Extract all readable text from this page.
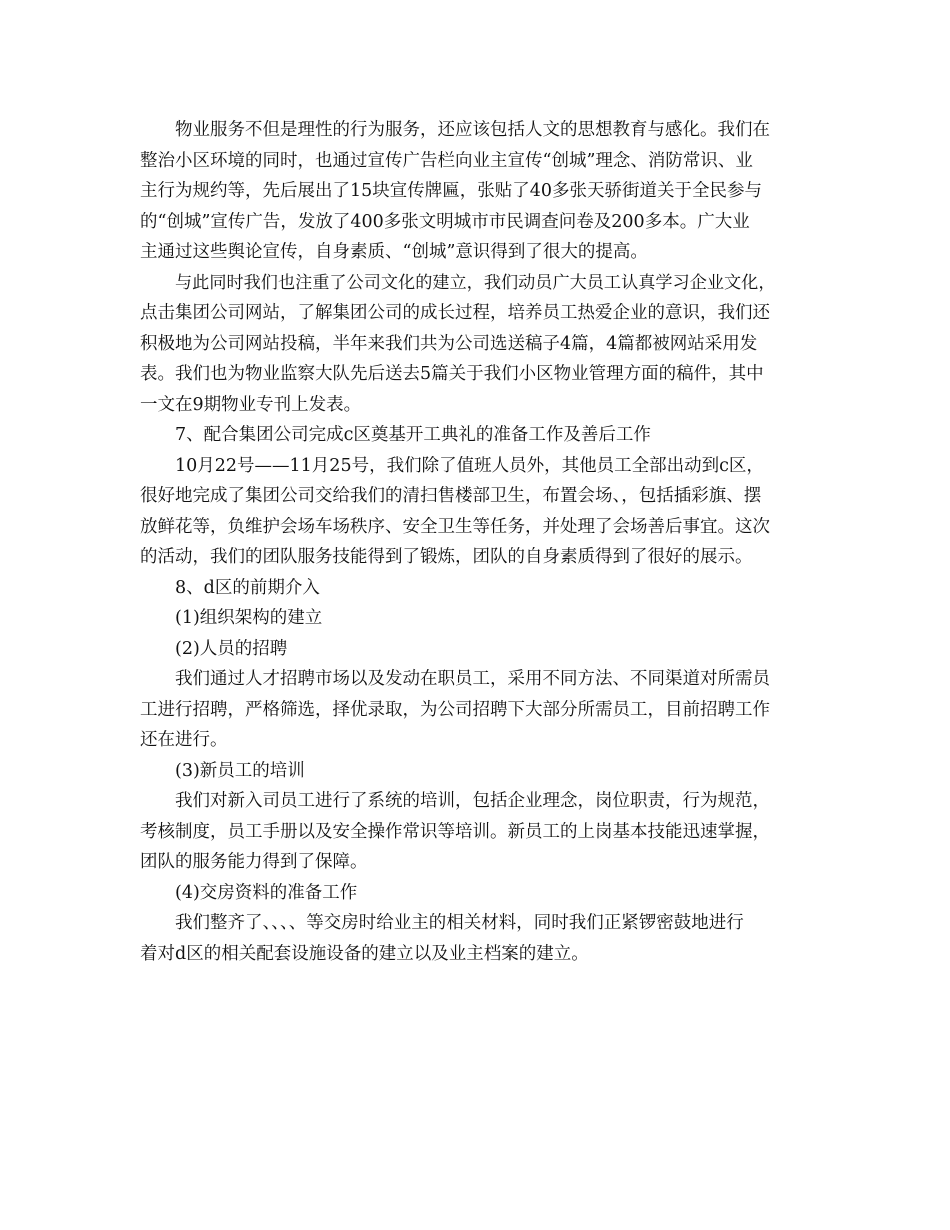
物业服务不但是理性的行为服务，还应该包括人文的思想教育与感化。我们在
整治小区环境的同时，也通过宣传广告栏向业主宣传“创城”理念、消防常识、业
主行为规约等，先后展出了15块宣传牌匾，张贴了40多张天骄街道关于全民参与
的“创城”宣传广告，发放了400多张文明城市市民调查问卷及200多本。广大业
主通过这些舆论宣传，自身素质、“创城”意识得到了很大的提高。

与此同时我们也注重了公司文化的建立，我们动员广大员工认真学习企业文化，
点击集团公司网站，了解集团公司的成长过程，培养员工热爱企业的意识，我们还
积极地为公司网站投稿，半年来我们共为公司选送稿子4篇，4篇都被网站采用发
表。我们也为物业监察大队先后送去5篇关于我们小区物业管理方面的稿件，其中
一文在9期物业专刊上发表。

7、配合集团公司完成c区奠基开工典礼的准备工作及善后工作

10月22号——11月25号，我们除了值班人员外，其他员工全部出动到c区，
很好地完成了集团公司交给我们的清扫售楼部卫生，布置会场、，包括插彩旗、摆
放鲜花等，负维护会场车场秩序、安全卫生等任务，并处理了会场善后事宜。这次
的活动，我们的团队服务技能得到了锻炼，团队的自身素质得到了很好的展示。

8、d区的前期介入

(1)组织架构的建立

(2)人员的招聘

我们通过人才招聘市场以及发动在职员工，采用不同方法、不同渠道对所需员
工进行招聘，严格筛选，择优录取，为公司招聘下大部分所需员工，目前招聘工作
还在进行。

(3)新员工的培训

我们对新入司员工进行了系统的培训，包括企业理念，岗位职责，行为规范，
考核制度，员工手册以及安全操作常识等培训。新员工的上岗基本技能迅速掌握，
团队的服务能力得到了保障。

(4)交房资料的准备工作

我们整齐了、、、、等交房时给业主的相关材料，同时我们正紧锣密鼓地进行
着对d区的相关配套设施设备的建立以及业主档案的建立。
